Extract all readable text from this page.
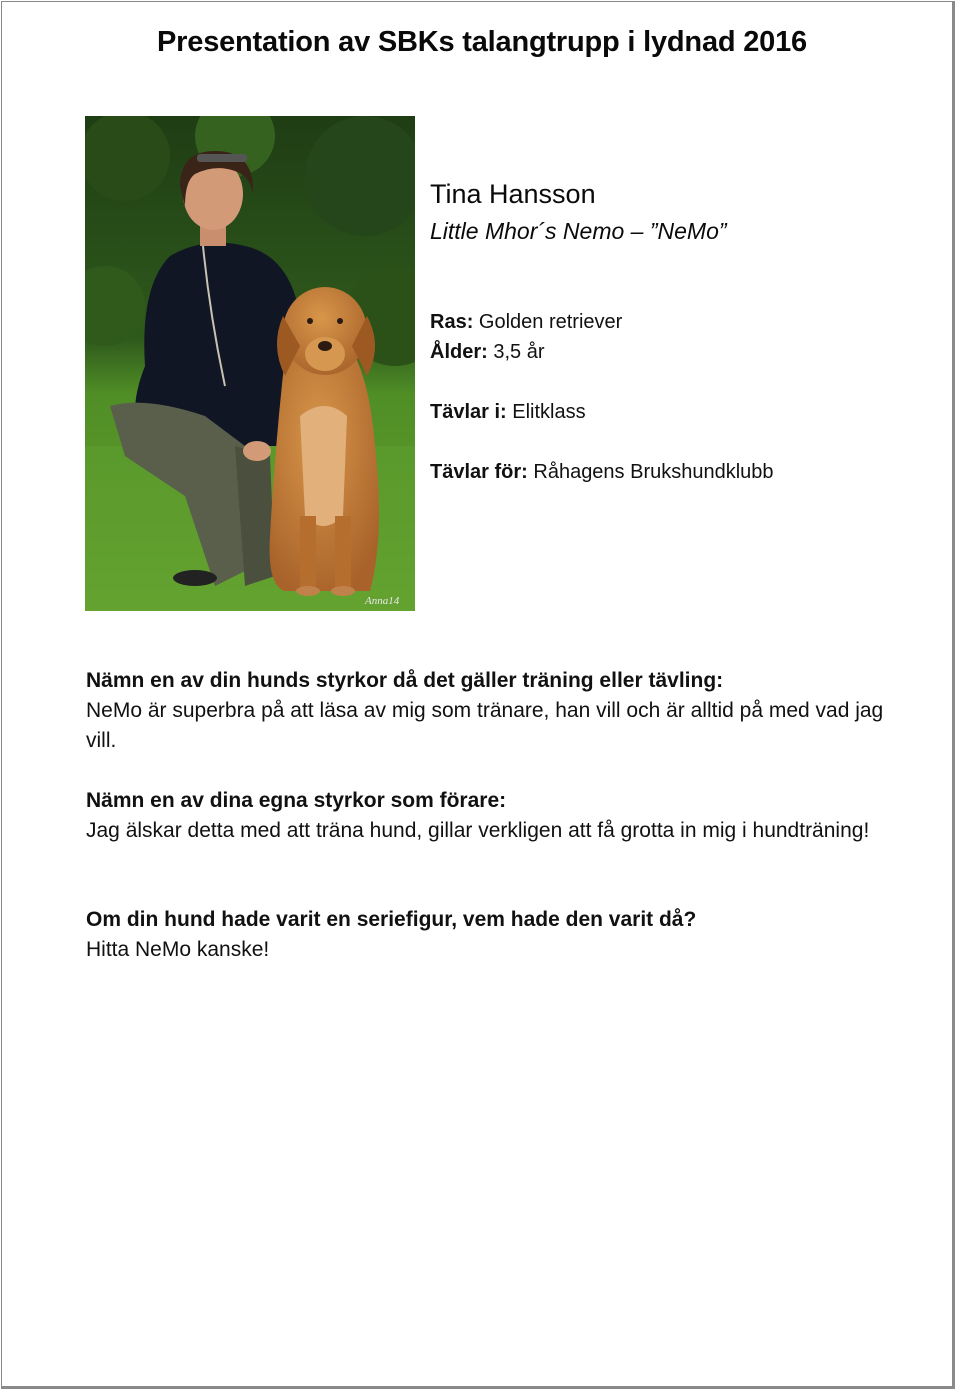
Presentation av SBKs talangtrupp i lydnad 2016
Anna14
Tina Hansson
Little Mhor´s Nemo – ”NeMo”
Ras: Golden retriever
Ålder: 3,5 år
Tävlar i: Elitklass
Tävlar för: Råhagens Brukshundklubb
Nämn en av din hunds styrkor då det gäller träning eller tävling:
NeMo är superbra på att läsa av mig som tränare, han vill och är alltid på med vad jag vill.
Nämn en av dina egna styrkor som förare:
Jag älskar detta med att träna hund, gillar verkligen att få grotta in mig i hundträning!
Om din hund hade varit en seriefigur, vem hade den varit då?
Hitta NeMo kanske!
